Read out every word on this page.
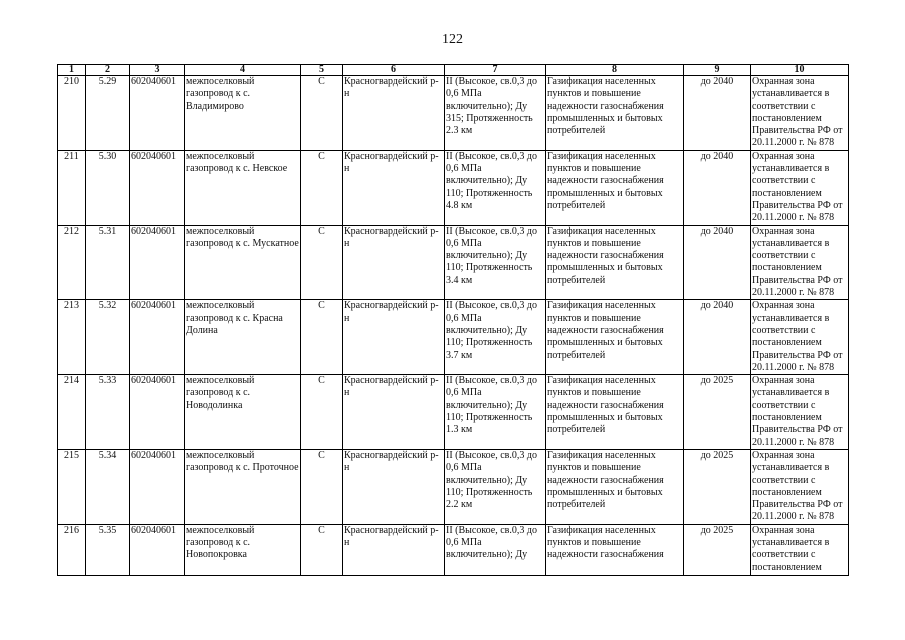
122
1	2	3	4	5	6	7	8	9	10
210	5.29	602040601	межпоселковый газопровод к с. Владимирово	С	Красногвардейский р-н	II (Высокое, св.0,3 до 0,6 МПа включительно); Ду 315; Протяженность 2.3 км	Газификация населенных пунктов и повышение надежности газоснабжения промышленных и бытовых потребителей	до 2040	Охранная зона устанавливается в соответствии с постановлением Правительства РФ от 20.11.2000 г. № 878
211	5.30	602040601	межпоселковый газопровод к с. Невское	С	Красногвардейский р-н	II (Высокое, св.0,3 до 0,6 МПа включительно); Ду 110; Протяженность 4.8 км	Газификация населенных пунктов и повышение надежности газоснабжения промышленных и бытовых потребителей	до 2040	Охранная зона устанавливается в соответствии с постановлением Правительства РФ от 20.11.2000 г. № 878
212	5.31	602040601	межпоселковый газопровод к с. Мускатное	С	Красногвардейский р-н	II (Высокое, св.0,3 до 0,6 МПа включительно); Ду 110; Протяженность 3.4 км	Газификация населенных пунктов и повышение надежности газоснабжения промышленных и бытовых потребителей	до 2040	Охранная зона устанавливается в соответствии с постановлением Правительства РФ от 20.11.2000 г. № 878
213	5.32	602040601	межпоселковый газопровод к с. Красна Долина	С	Красногвардейский р-н	II (Высокое, св.0,3 до 0,6 МПа включительно); Ду 110; Протяженность 3.7 км	Газификация населенных пунктов и повышение надежности газоснабжения промышленных и бытовых потребителей	до 2040	Охранная зона устанавливается в соответствии с постановлением Правительства РФ от 20.11.2000 г. № 878
214	5.33	602040601	межпоселковый газопровод к с. Новодолинка	С	Красногвардейский р-н	II (Высокое, св.0,3 до 0,6 МПа включительно); Ду 110; Протяженность 1.3 км	Газификация населенных пунктов и повышение надежности газоснабжения промышленных и бытовых потребителей	до 2025	Охранная зона устанавливается в соответствии с постановлением Правительства РФ от 20.11.2000 г. № 878
215	5.34	602040601	межпоселковый газопровод к с. Проточное	С	Красногвардейский р-н	II (Высокое, св.0,3 до 0,6 МПа включительно); Ду 110; Протяженность 2.2 км	Газификация населенных пунктов и повышение надежности газоснабжения промышленных и бытовых потребителей	до 2025	Охранная зона устанавливается в соответствии с постановлением Правительства РФ от 20.11.2000 г. № 878
216	5.35	602040601	межпоселковый газопровод к с. Новопокровка	С	Красногвардейский р-н	II (Высокое, св.0,3 до 0,6 МПа включительно); Ду	Газификация населенных пунктов и повышение надежности газоснабжения	до 2025	Охранная зона устанавливается в соответствии с постановлением
